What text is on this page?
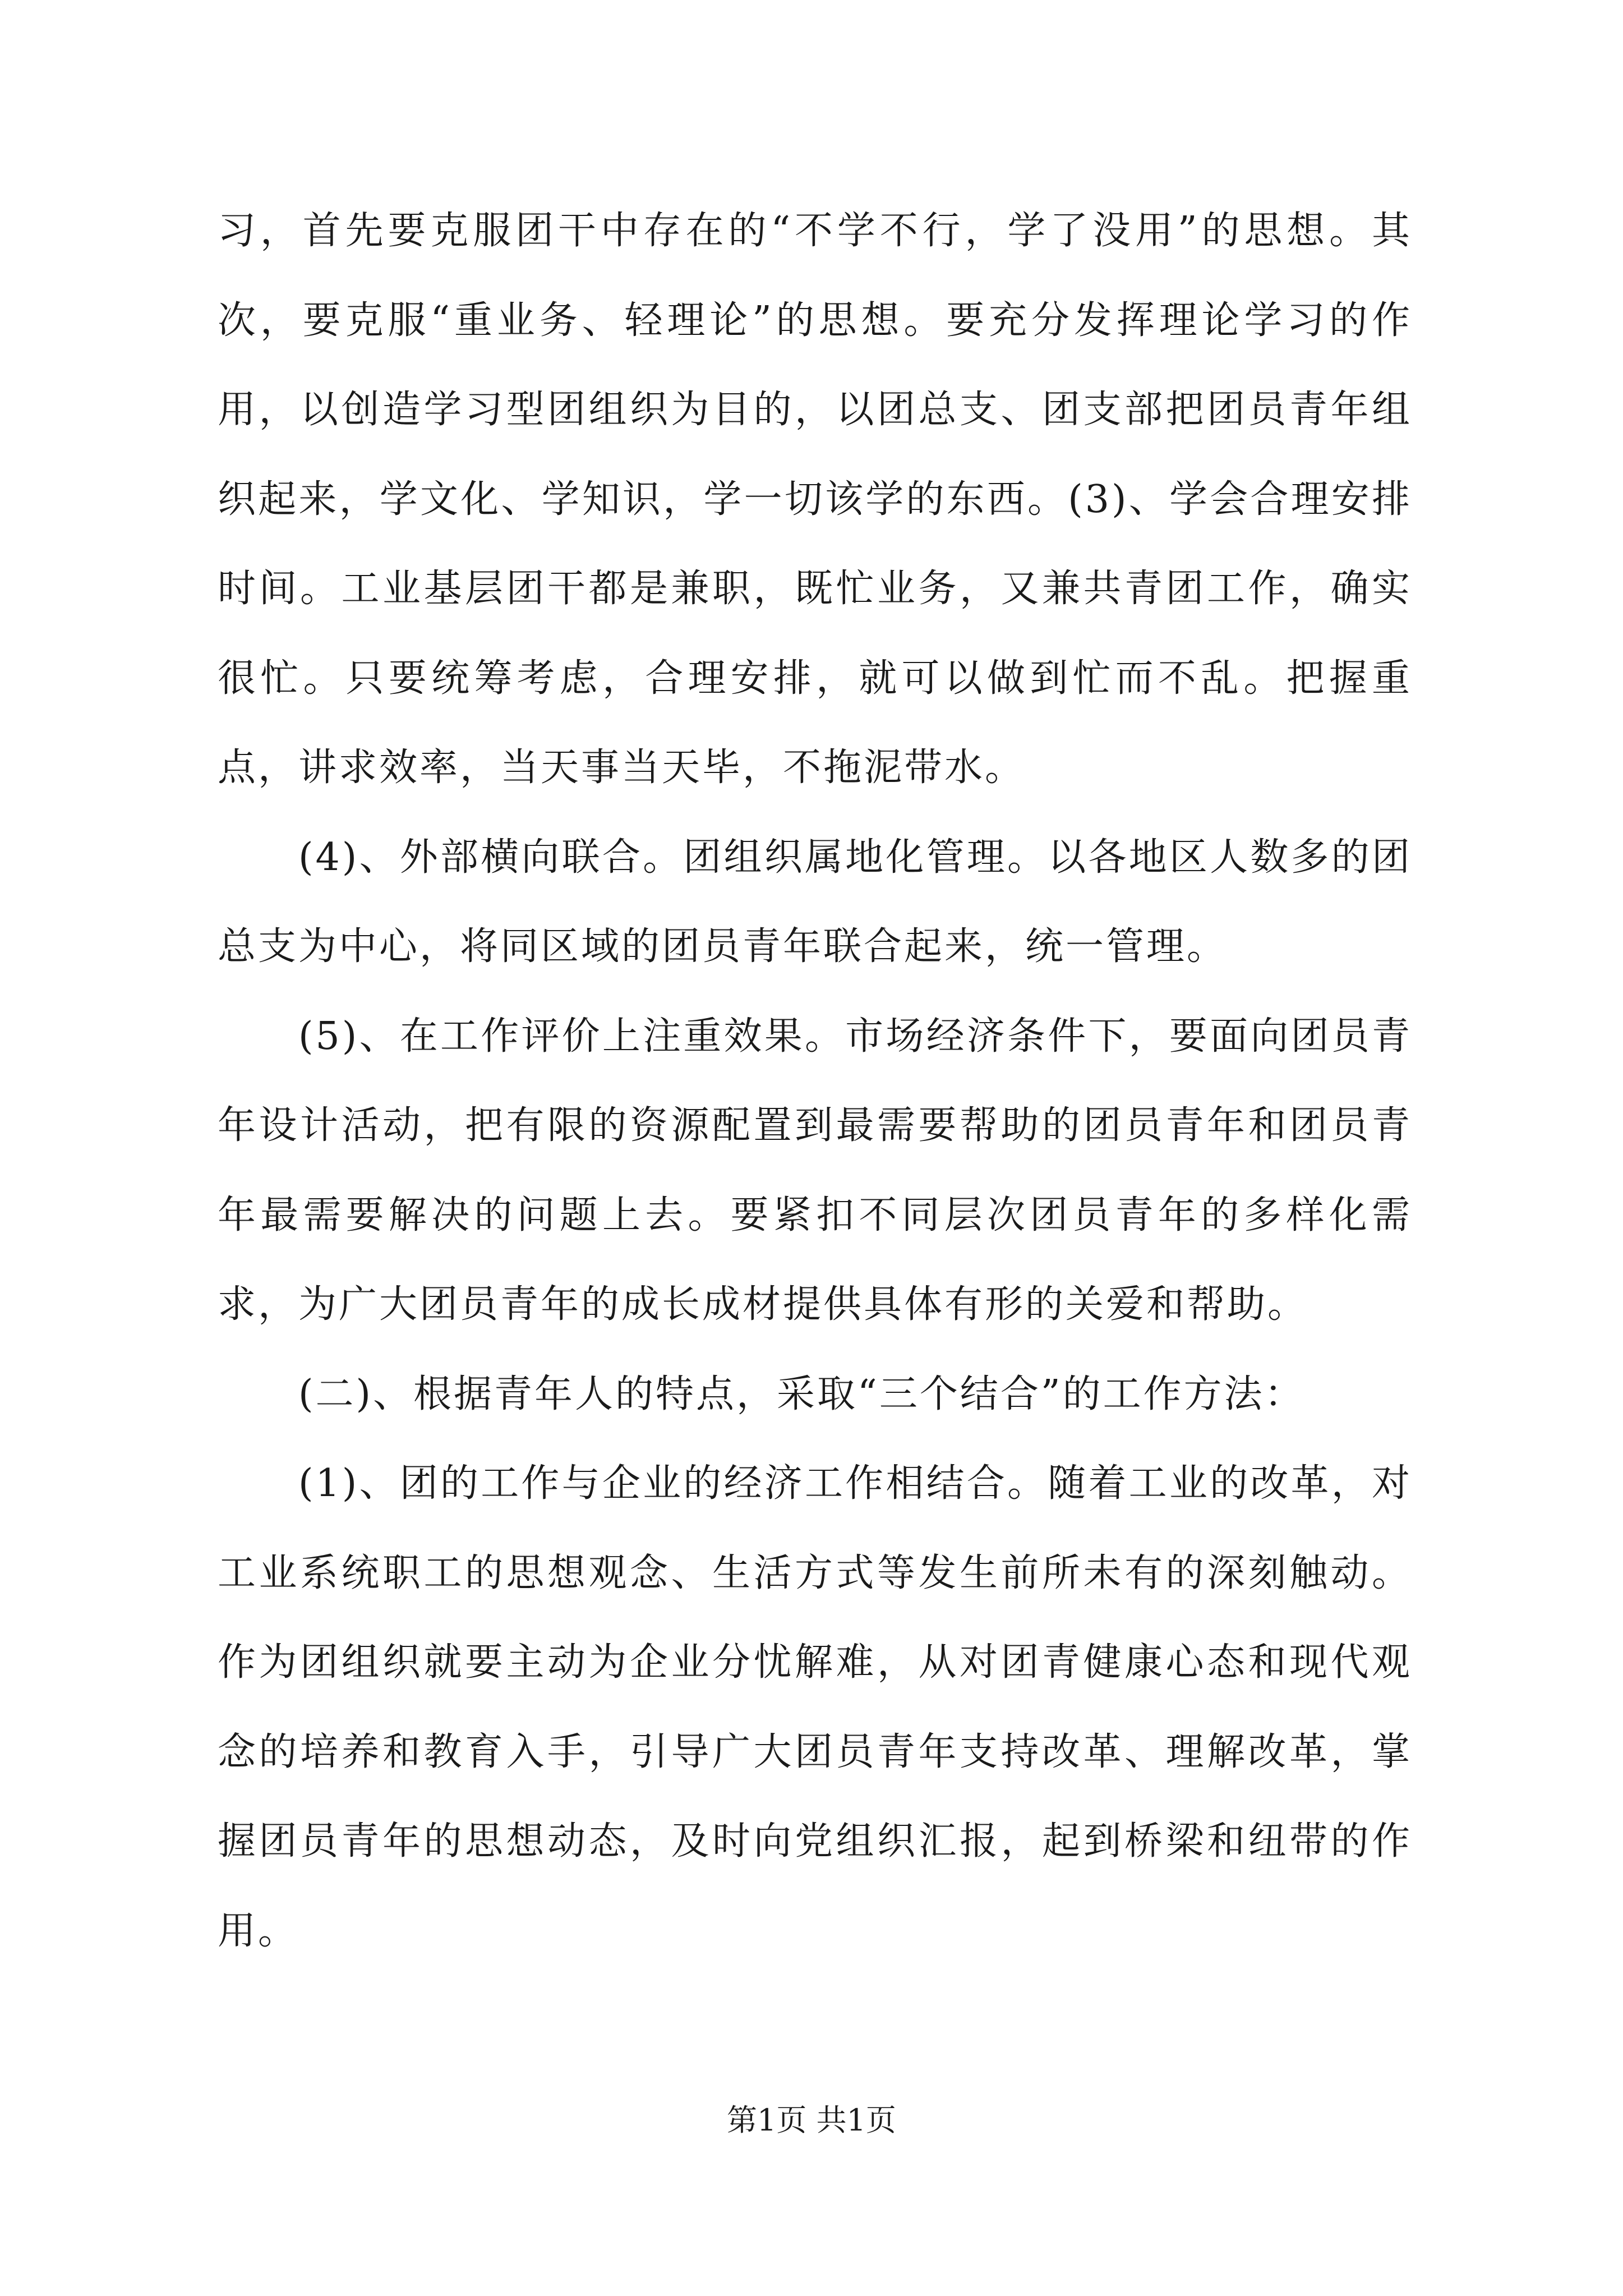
习，首先要克服团干中存在的“不学不行，学了没用”的思想。其次，要克服“重业务、轻理论”的思想。要充分发挥理论学习的作用，以创造学习型团组织为目的，以团总支、团支部把团员青年组织起来，学文化、学知识，学一切该学的东西。(3)、学会合理安排时间。工业基层团干都是兼职，既忙业务，又兼共青团工作，确实很忙。只要统筹考虑，合理安排，就可以做到忙而不乱。把握重点，讲求效率，当天事当天毕，不拖泥带水。

(4)、外部横向联合。团组织属地化管理。以各地区人数多的团总支为中心，将同区域的团员青年联合起来，统一管理。

(5)、在工作评价上注重效果。市场经济条件下，要面向团员青年设计活动，把有限的资源配置到最需要帮助的团员青年和团员青年最需要解决的问题上去。要紧扣不同层次团员青年的多样化需求，为广大团员青年的成长成材提供具体有形的关爱和帮助。

(二)、根据青年人的特点，采取“三个结合”的工作方法：

(1)、团的工作与企业的经济工作相结合。随着工业的改革，对工业系统职工的思想观念、生活方式等发生前所未有的深刻触动。作为团组织就要主动为企业分忧解难，从对团青健康心态和现代观念的培养和教育入手，引导广大团员青年支持改革、理解改革，掌握团员青年的思想动态，及时向党组织汇报，起到桥梁和纽带的作用。

第1页 共1页
